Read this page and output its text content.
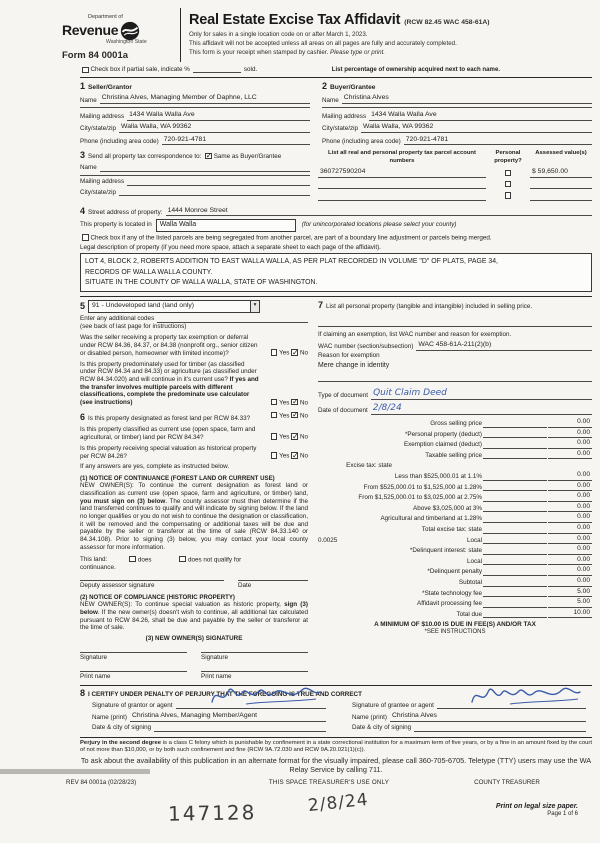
Department of
Revenue
Washington State
Form 84 0001a
Real Estate Excise Tax Affidavit (RCW 82.45 WAC 458-61A)
Only for sales in a single location code on or after March 1, 2023.
This affidavit will not be accepted unless all areas on all pages are fully and accurately completed.
This form is your receipt when stamped by cashier. Please type or print.
Check box if partial sale, indicate %	sold.	List percentage of ownership acquired next to each name.
1 Seller/Grantor
Name Christina Alves, Managing Member of Daphne, LLC
Mailing address 1434 Walla Walla Ave
City/state/zip Walla Walla, WA 99362
Phone (including area code) 720-921-4781
2 Buyer/Grantee
Name Christina Alves
Mailing address 1434 Walla Walla Ave
City/state/zip Walla Walla, WA 99362
Phone (including area code) 720-921-4781
3 Send all property tax correspondence to: ✓ Same as Buyer/Grantee
Name
Mailing address
City/state/zip
List all real and personal property tax parcel account numbers
Personal property?
Assessed value(s)
360727590204	$ 59,650.00
4 Street address of property: 1444 Monroe Street
This property is located in	Walla Walla	(for unincorporated locations please select your county)
Check box if any of the listed parcels are being segregated from another parcel, are part of a boundary line adjustment or parcels being merged.
Legal description of property (if you need more space, attach a separate sheet to each page of the affidavit).
LOT 4, BLOCK 2, ROBERTS ADDITION TO EAST WALLA WALLA, AS PER PLAT RECORDED IN VOLUME "D" OF PLATS, PAGE 34,
RECORDS OF WALLA WALLA COUNTY.
SITUATE IN THE COUNTY OF WALLA WALLA, STATE OF WASHINGTON.
5	91 - Undeveloped land (land only)	▾
Enter any additional codes
(see back of last page for instructions)
Was the seller receiving a property tax exemption or deferral under RCW 84.36, 84.37, or 84.38 (nonprofit org., senior citizen or disabled person, homeowner with limited income)?	Yes ✓ No
Is this property predominately used for timber (as classified under RCW 84.34 and 84.33) or agriculture (as classified under RCW 84.34.020) and will continue in it's current use? If yes and the transfer involves multiple parcels with different classifications, complete the predominate use calculator (see instructions)	Yes ✓ No
6 Is this property designated as forest land per RCW 84.33?	Yes ✓ No
Is this property classified as current use (open space, farm and agricultural, or timber) land per RCW 84.34?	Yes ✓ No
Is this property receiving special valuation as historical property per RCW 84.26?	Yes ✓ No
If any answers are yes, complete as instructed below.
(1) NOTICE OF CONTINUANCE (FOREST LAND OR CURRENT USE)
NEW OWNER(S): To continue the current designation as forest land or classification as current use (open space, farm and agriculture, or timber) land, you must sign on (3) below. The county assessor must then determine if the land transferred continues to qualify and will indicate by signing below. If the land no longer qualifies or you do not wish to continue the designation or classification, it will be removed and the compensating or additional taxes will be due and payable by the seller or transferor at the time of sale (RCW 84.33.140 or 84.34.108). Prior to signing (3) below, you may contact your local county assessor for more information.
This land:	does	does not qualify for
continuance.
Deputy assessor signature	Date
(2) NOTICE OF COMPLIANCE (HISTORIC PROPERTY)
NEW OWNER(S): To continue special valuation as historic property, sign (3) below. If the new owner(s) doesn't wish to continue, all additional tax calculated pursuant to RCW 84.26, shall be due and payable by the seller or transferor at the time of sale.
(3) NEW OWNER(S) SIGNATURE
Signature	Signature
Print name	Print name
7 List all personal property (tangible and intangible) included in selling price.
If claiming an exemption, list WAC number and reason for exemption.
WAC number (section/subsection) WAC 458-61A-211(2)(b)
Reason for exemption
Mere change in identity
Type of document Quit Claim Deed
Date of document 2/8/24
Gross selling price	0.00
*Personal property (deduct)	0.00
Exemption claimed (deduct)	0.00
Taxable selling price	0.00
Excise tax: state
Less than $525,000.01 at 1.1%	0.00
From $525,000.01 to $1,525,000 at 1.28%	0.00
From $1,525,000.01 to $3,025,000 at 2.75%	0.00
Above $3,025,000 at 3%	0.00
Agricultural and timberland at 1.28%	0.00
Total excise tax: state	0.00
0.0025	Local	0.00
*Delinquent interest: state	0.00
Local	0.00
*Delinquent penalty	0.00
Subtotal	0.00
*State technology fee	5.00
Affidavit processing fee	5.00
Total due	10.00
A MINIMUM OF $10.00 IS DUE IN FEE(S) AND/OR TAX
*SEE INSTRUCTIONS
8 I CERTIFY UNDER PENALTY OF PERJURY THAT THE FOREGOING IS TRUE AND CORRECT
Signature of grantor or agent
Name (print) Christina Alves, Managing Member/Agent
Date & city of signing
Signature of grantee or agent
Name (print) Christina Alves
Date & city of signing
Perjury in the second degree is a class C felony which is punishable by confinement in a state correctional institution for a maximum term of five years, or by a fine in an amount fixed by the court of not more than $10,000, or by both such confinement and fine (RCW 9A.72.030 and RCW 9A.20.021(1)(c)).
To ask about the availability of this publication in an alternate format for the visually impaired, please call 360-705-6705. Teletype (TTY) users may use the WA Relay Service by calling 711.
REV 84 0001a (02/28/23)	THIS SPACE TREASURER'S USE ONLY	COUNTY TREASURER
147128	2/8/24	Print on legal size paper.
Page 1 of 6
